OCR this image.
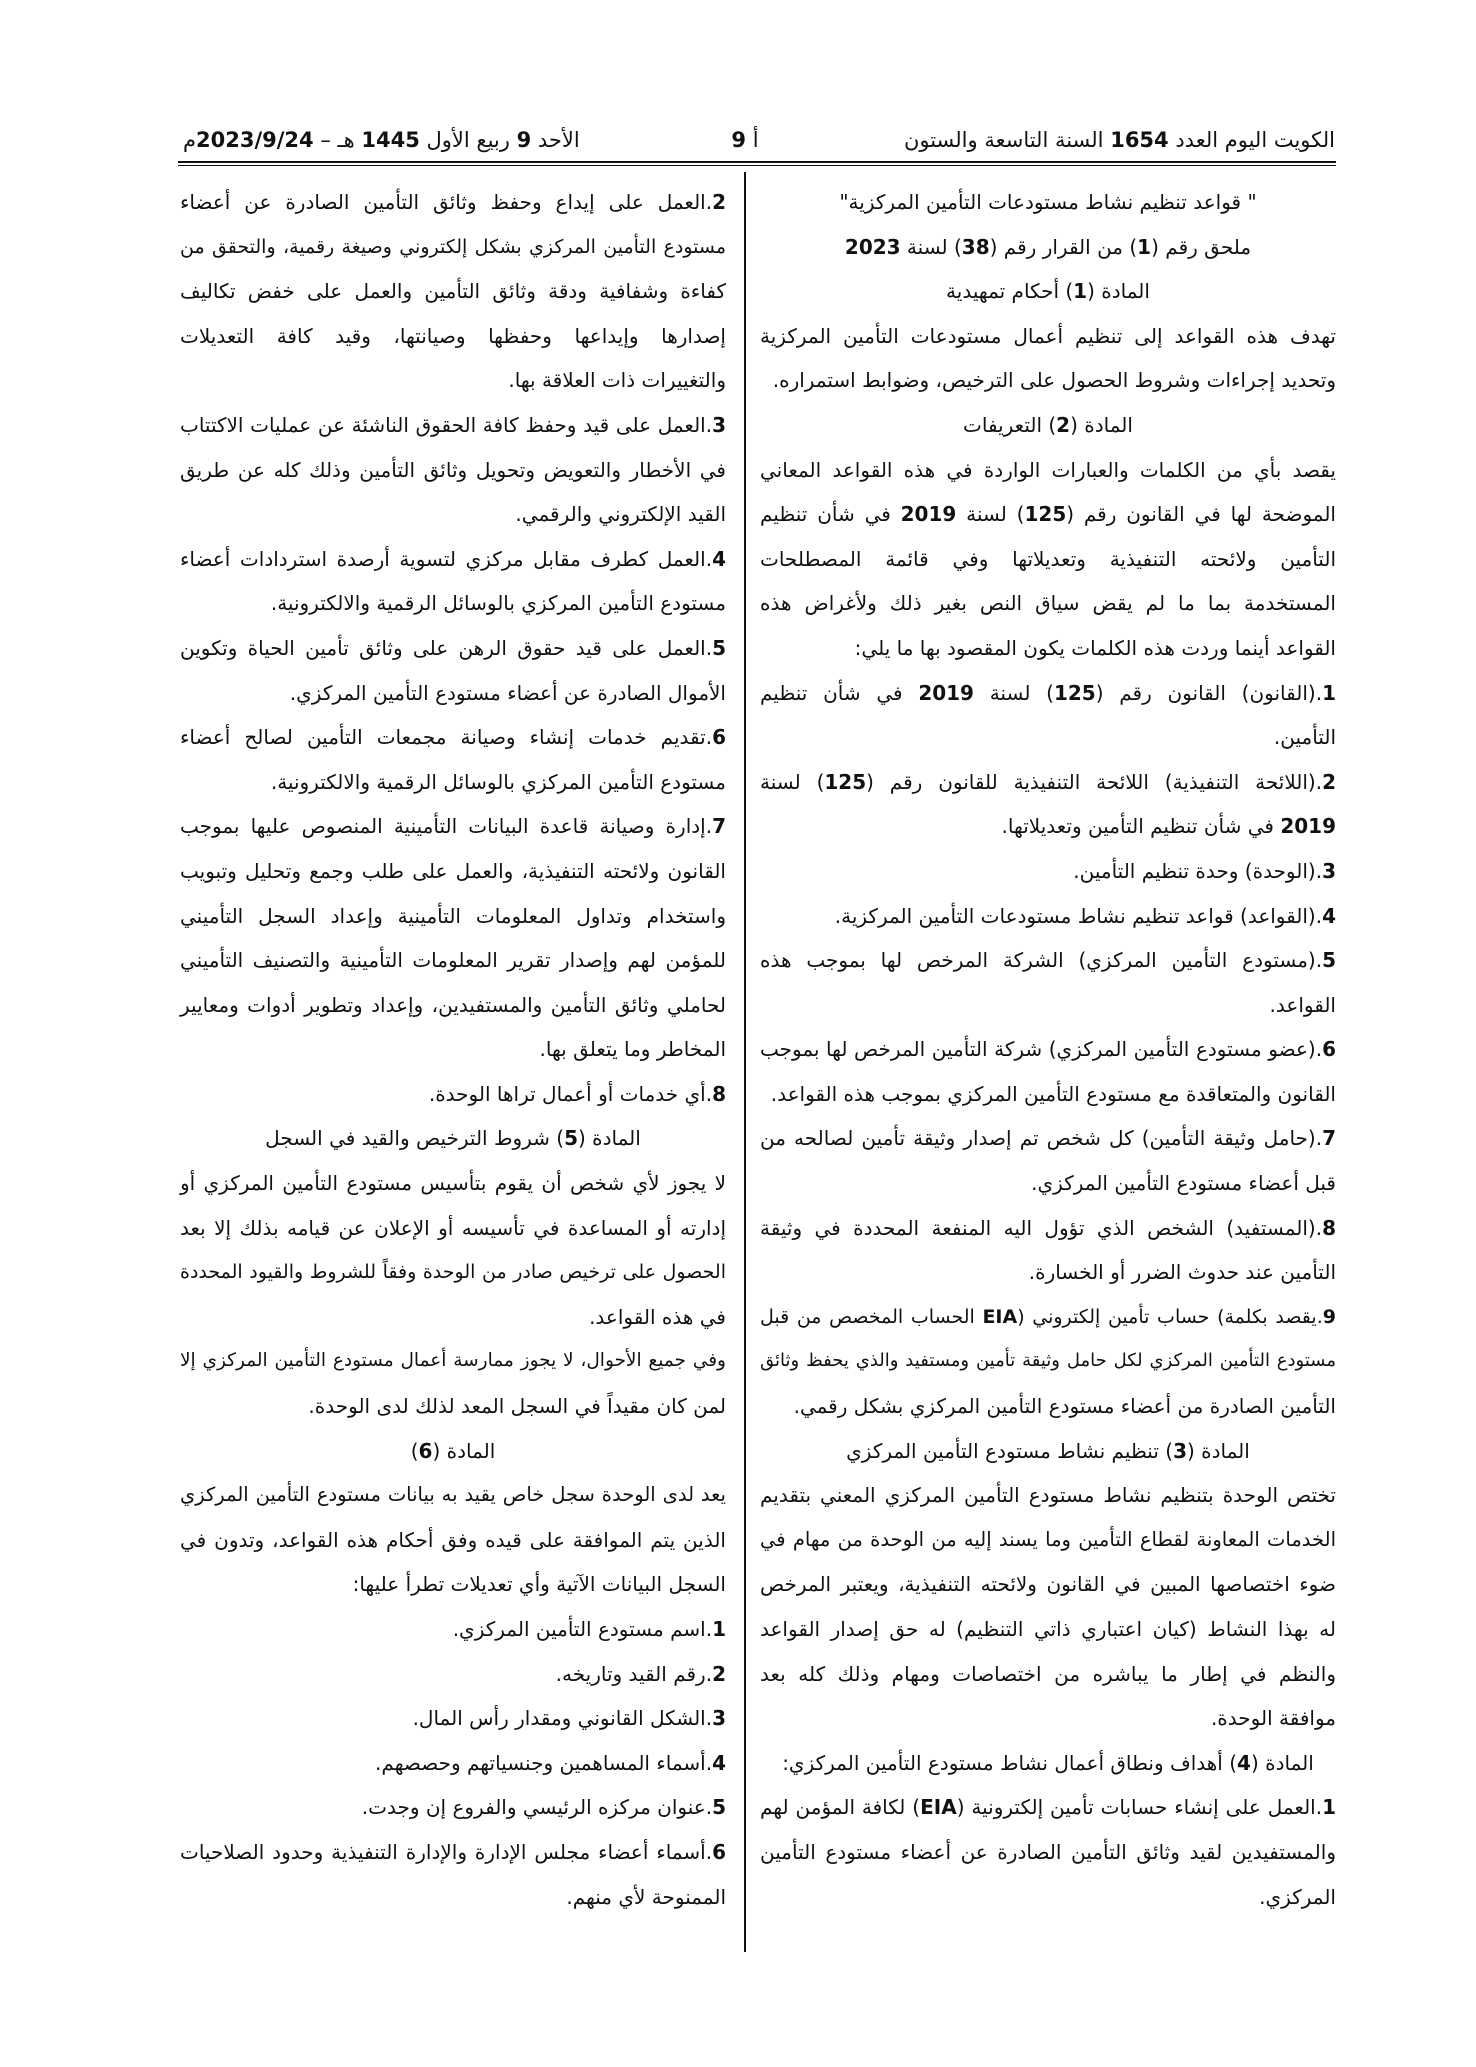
الكويت اليوم العدد 1654 السنة التاسعة والستون
أ 9
الأحد 9 ربيع الأول 1445 هـ – 2023/9/24م
" قواعد تنظيم نشاط مستودعات التأمين المركزية"
ملحق رقم (1) من القرار رقم (38) لسنة 2023
المادة (1) أحكام تمهيدية
تهدف هذه القواعد إلى تنظيم أعمال مستودعات التأمين المركزية
وتحديد إجراءات وشروط الحصول على الترخيص، وضوابط استمراره.
المادة (2) التعريفات
يقصد بأي من الكلمات والعبارات الواردة في هذه القواعد المعاني
الموضحة لها في القانون رقم (125) لسنة 2019 في شأن تنظيم
التأمين ولائحته التنفيذية وتعديلاتها وفي قائمة المصطلحات
المستخدمة بما ما لم يقض سياق النص بغير ذلك ولأغراض هذه
القواعد أينما وردت هذه الكلمات يكون المقصود بها ما يلي:
1.(القانون) القانون رقم (125) لسنة 2019 في شأن تنظيم
التأمين.
2.(اللائحة التنفيذية) اللائحة التنفيذية للقانون رقم (125) لسنة
2019 في شأن تنظيم التأمين وتعديلاتها.
3.(الوحدة) وحدة تنظيم التأمين.
4.(القواعد) قواعد تنظيم نشاط مستودعات التأمين المركزية.
5.(مستودع التأمين المركزي) الشركة المرخص لها بموجب هذه
القواعد.
6.(عضو مستودع التأمين المركزي) شركة التأمين المرخص لها بموجب
القانون والمتعاقدة مع مستودع التأمين المركزي بموجب هذه القواعد.
7.(حامل وثيقة التأمين) كل شخص تم إصدار وثيقة تأمين لصالحه من
قبل أعضاء مستودع التأمين المركزي.
8.(المستفيد) الشخص الذي تؤول اليه المنفعة المحددة في وثيقة
التأمين عند حدوث الضرر أو الخسارة.
9.يقصد بكلمة) حساب تأمين إلكتروني (EIA الحساب المخصص من قبل
مستودع التأمين المركزي لكل حامل وثيقة تأمين ومستفيد والذي يحفظ وثائق
التأمين الصادرة من أعضاء مستودع التأمين المركزي بشكل رقمي.
المادة (3) تنظيم نشاط مستودع التأمين المركزي
تختص الوحدة بتنظيم نشاط مستودع التأمين المركزي المعني بتقديم
الخدمات المعاونة لقطاع التأمين وما يسند إليه من الوحدة من مهام في
ضوء اختصاصها المبين في القانون ولائحته التنفيذية، ويعتبر المرخص
له بهذا النشاط (كيان اعتباري ذاتي التنظيم) له حق إصدار القواعد
والنظم في إطار ما يباشره من اختصاصات ومهام وذلك كله بعد
موافقة الوحدة.
المادة (4) أهداف ونطاق أعمال نشاط مستودع التأمين المركزي:
1.العمل على إنشاء حسابات تأمين إلكترونية (EIA) لكافة المؤمن لهم
والمستفيدين لقيد وثائق التأمين الصادرة عن أعضاء مستودع التأمين
المركزي.
2.العمل على إيداع وحفظ وثائق التأمين الصادرة عن أعضاء
مستودع التأمين المركزي بشكل إلكتروني وصيغة رقمية، والتحقق من
كفاءة وشفافية ودقة وثائق التأمين والعمل على خفض تكاليف
إصدارها وإيداعها وحفظها وصيانتها، وقيد كافة التعديلات
والتغييرات ذات العلاقة بها.
3.العمل على قيد وحفظ كافة الحقوق الناشئة عن عمليات الاكتتاب
في الأخطار والتعويض وتحويل وثائق التأمين وذلك كله عن طريق
القيد الإلكتروني والرقمي.
4.العمل كطرف مقابل مركزي لتسوية أرصدة استردادات أعضاء
مستودع التأمين المركزي بالوسائل الرقمية والالكترونية.
5.العمل على قيد حقوق الرهن على وثائق تأمين الحياة وتكوين
الأموال الصادرة عن أعضاء مستودع التأمين المركزي.
6.تقديم خدمات إنشاء وصيانة مجمعات التأمين لصالح أعضاء
مستودع التأمين المركزي بالوسائل الرقمية والالكترونية.
7.إدارة وصيانة قاعدة البيانات التأمينية المنصوص عليها بموجب
القانون ولائحته التنفيذية، والعمل على طلب وجمع وتحليل وتبويب
واستخدام وتداول المعلومات التأمينية وإعداد السجل التأميني
للمؤمن لهم وإصدار تقرير المعلومات التأمينية والتصنيف التأميني
لحاملي وثائق التأمين والمستفيدين، وإعداد وتطوير أدوات ومعايير
المخاطر وما يتعلق بها.
8.أي خدمات أو أعمال تراها الوحدة.
المادة (5) شروط الترخيص والقيد في السجل
لا يجوز لأي شخص أن يقوم بتأسيس مستودع التأمين المركزي أو
إدارته أو المساعدة في تأسيسه أو الإعلان عن قيامه بذلك إلا بعد
الحصول على ترخيص صادر من الوحدة وفقاً للشروط والقيود المحددة
في هذه القواعد.
وفي جميع الأحوال، لا يجوز ممارسة أعمال مستودع التأمين المركزي إلا
لمن كان مقيداً في السجل المعد لذلك لدى الوحدة.
المادة (6)
يعد لدى الوحدة سجل خاص يقيد به بيانات مستودع التأمين المركزي
الذين يتم الموافقة على قيده وفق أحكام هذه القواعد، وتدون في
السجل البيانات الآتية وأي تعديلات تطرأ عليها:
1.اسم مستودع التأمين المركزي.
2.رقم القيد وتاريخه.
3.الشكل القانوني ومقدار رأس المال.
4.أسماء المساهمين وجنسياتهم وحصصهم.
5.عنوان مركزه الرئيسي والفروع إن وجدت.
6.أسماء أعضاء مجلس الإدارة والإدارة التنفيذية وحدود الصلاحيات
الممنوحة لأي منهم.
